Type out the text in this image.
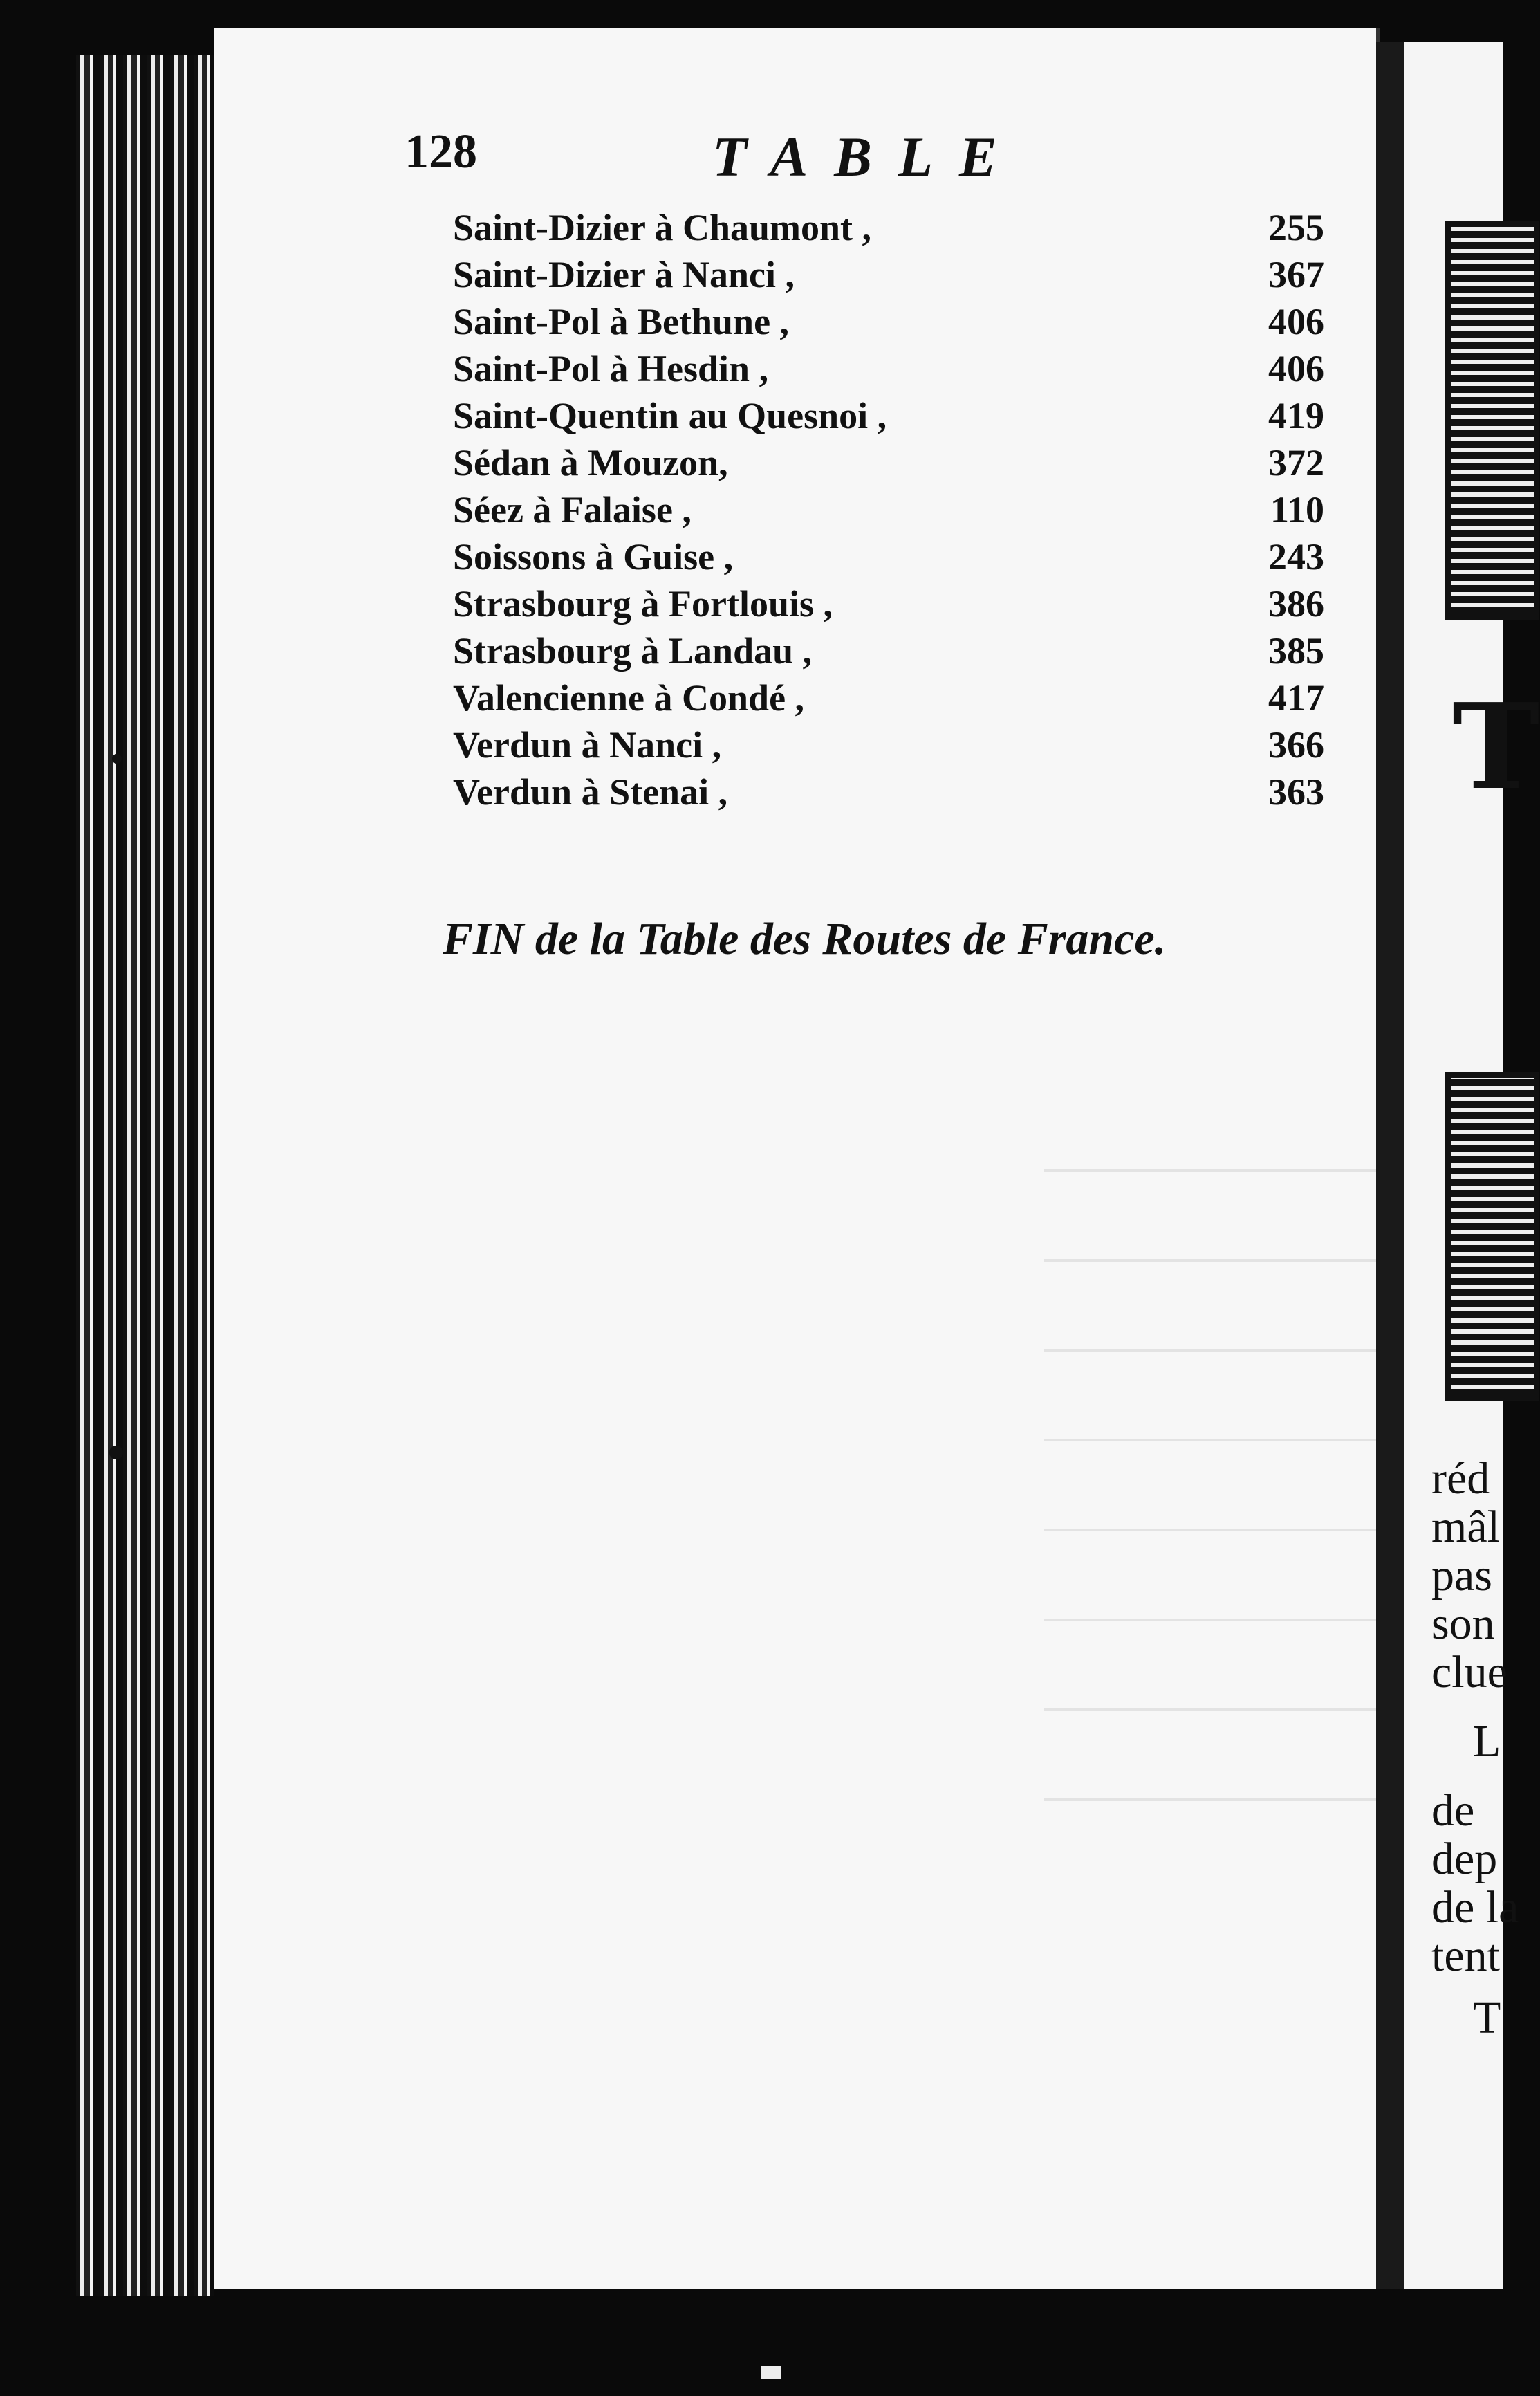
128	TABLE
Saint-Dizier à Chaumont ,	255
Saint-Dizier à Nanci ,	367
Saint-Pol à Bethune ,	406
Saint-Pol à Hesdin ,	406
Saint-Quentin au Quesnoi ,	419
Sédan à Mouzon,	372
Séez à Falaise ,	110
Soissons à Guise ,	243
Strasbourg à Fortlouis ,	386
Strasbourg à Landau ,	385
Valencienne à Condé ,	417
Verdun à Nanci ,	366
Verdun à Stenai ,	363
FIN de la Table des Routes de France.
T
réd
mâl
pas
son
clue
L
de
dep
de la
tent
T
